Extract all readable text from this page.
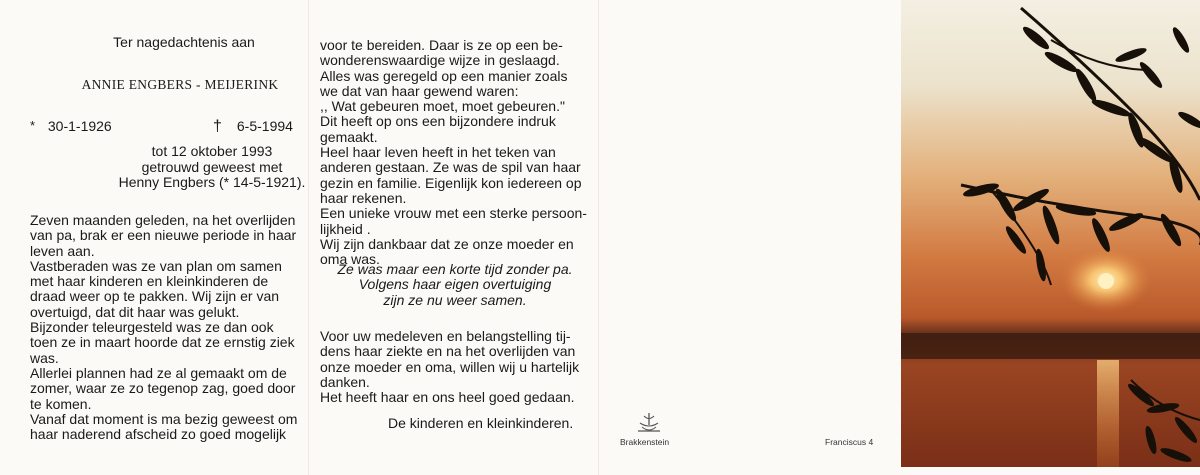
Ter nagedachtenis aan
ANNIE ENGBERS - MEIJERINK
* 30-1-1926	† 6-5-1994
tot 12 oktober 1993
getrouwd geweest met
Henny Engbers (* 14-5-1921).
Zeven maanden geleden, na het overlijden
van pa, brak er een nieuwe periode in haar
leven aan.
Vastberaden was ze van plan om samen
met haar kinderen en kleinkinderen de
draad weer op te pakken. Wij zijn er van
overtuigd, dat dit haar was gelukt.
Bijzonder teleurgesteld was ze dan ook
toen ze in maart hoorde dat ze ernstig ziek
was.
Allerlei plannen had ze al gemaakt om de
zomer, waar ze zo tegenop zag, goed door
te komen.
Vanaf dat moment is ma bezig geweest om
haar naderend afscheid zo goed mogelijk
voor te bereiden. Daar is ze op een be-
wonderenswaardige wijze in geslaagd.
Alles was geregeld op een manier zoals
we dat van haar gewend waren:
,, Wat gebeuren moet, moet gebeuren."
Dit heeft op ons een bijzondere indruk
gemaakt.
Heel haar leven heeft in het teken van
anderen gestaan. Ze was de spil van haar
gezin en familie. Eigenlijk kon iedereen op
haar rekenen.
Een unieke vrouw met een sterke persoon-
lijkheid .
Wij zijn dankbaar dat ze onze moeder en
oma was.
Ze was maar een korte tijd zonder pa.
Volgens haar eigen overtuiging
zijn ze nu weer samen.
Voor uw medeleven en belangstelling tij-
dens haar ziekte en na het overlijden van
onze moeder en oma, willen wij u hartelijk
danken.
Het heeft haar en ons heel goed gedaan.
De kinderen en kleinkinderen.
Brakkenstein	Franciscus 4
